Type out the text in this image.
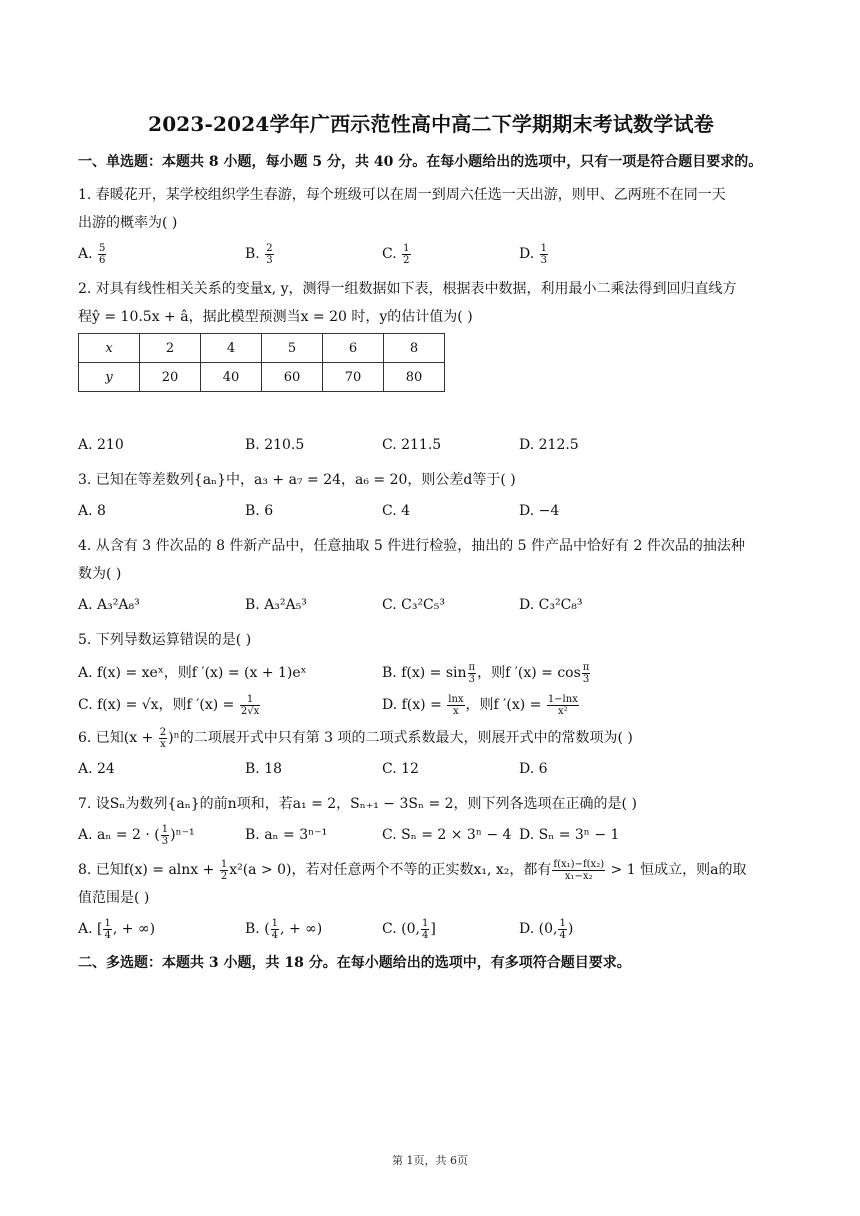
2023-2024学年广西示范性高中高二下学期期末考试数学试卷
一、单选题：本题共 8 小题，每小题 5 分，共 40 分。在每小题给出的选项中，只有一项是符合题目要求的。

1. 春暖花开，某学校组织学生春游，每个班级可以在周一到周六任选一天出游，则甲、乙两班不在同一天

出游的概率为( )

A. $\frac{5}{6}$	B. $\frac{2}{3}$	C. $\frac{1}{2}$	D. $\frac{1}{3}$

2. 对具有线性相关关系的变量x, y，测得一组数据如下表，根据表中数据，利用最小二乘法得到回归直线方

程ŷ = 10.5x + â，据此模型预测当x = 20 时，y的估计值为( )

x	2	4	5	6	8
y	20	40	60	70	80
A. 210	B. 210.5	C. 211.5	D. 212.5

3. 已知在等差数列{aₙ}中，a₃ + a₇ = 24，a₆ = 20，则公差d等于( )

A. 8	B. 6	C. 4	D. −4

4. 从含有 3 件次品的 8 件新产品中，任意抽取 5 件进行检验，抽出的 5 件产品中恰好有 2 件次品的抽法种

数为( )

A. A₃²A₈³	B. A₃²A₅³	C. C₃²C₅³	D. C₃²C₈³

5. 下列导数运算错误的是( )

A. f(x) = xeˣ，则f ′(x) = (x + 1)eˣ	B. $f(x) = \sin \frac{\pi}{3}$ ，则f $'(x) = \cos \frac{\pi}{3}$
C. f(x) = √x，则f $'(x) = \frac{1}{2√x}$	D. $f(x) = \frac{\ln x}{x}$ ，则f $'(x) = \frac{1-\ln x}{\text{x²}}$

6. 已知$(x + \frac{2}{x} )^n$的二项展开式中只有第 3 项的二项式系数最大，则展开式中的常数项为( )

A. 24	B. 18	C. 12	D. 6

7. 设Sₙ为数列{aₙ}的前n项和，若a₁ = 2，Sₙ₊₁ − 3Sₙ = 2，则下列各选项在正确的是( )

A. aₙ = 2 · ( $\frac{1}{3} )^{n-1}$	B. aₙ = 3ⁿ⁻¹	C. Sₙ = 2 × 3ⁿ − 4 D. Sₙ = 3ⁿ − 1

8. 已知$f(x) = alnx + \frac{1}{2} x^2(a > 0)$，若对任意两个不等的正实数x₁, x₂，都有 $\frac{\text{f(x₁)−f(x₂)}}{\text{x₁−x₂}} > 1$ 恒成立，则a的取

值范围是( )

A. [ $\frac{1}{4}$ , + ∞)	B. ( $\frac{1}{4}$ , + ∞)	C. (0, $\frac{1}{4}$ ]	D. (0, $\frac{1}{4}$ )
二、多选题：本题共 3 小题，共 18 分。在每小题给出的选项中，有多项符合题目要求。
第 1页，共 6页
